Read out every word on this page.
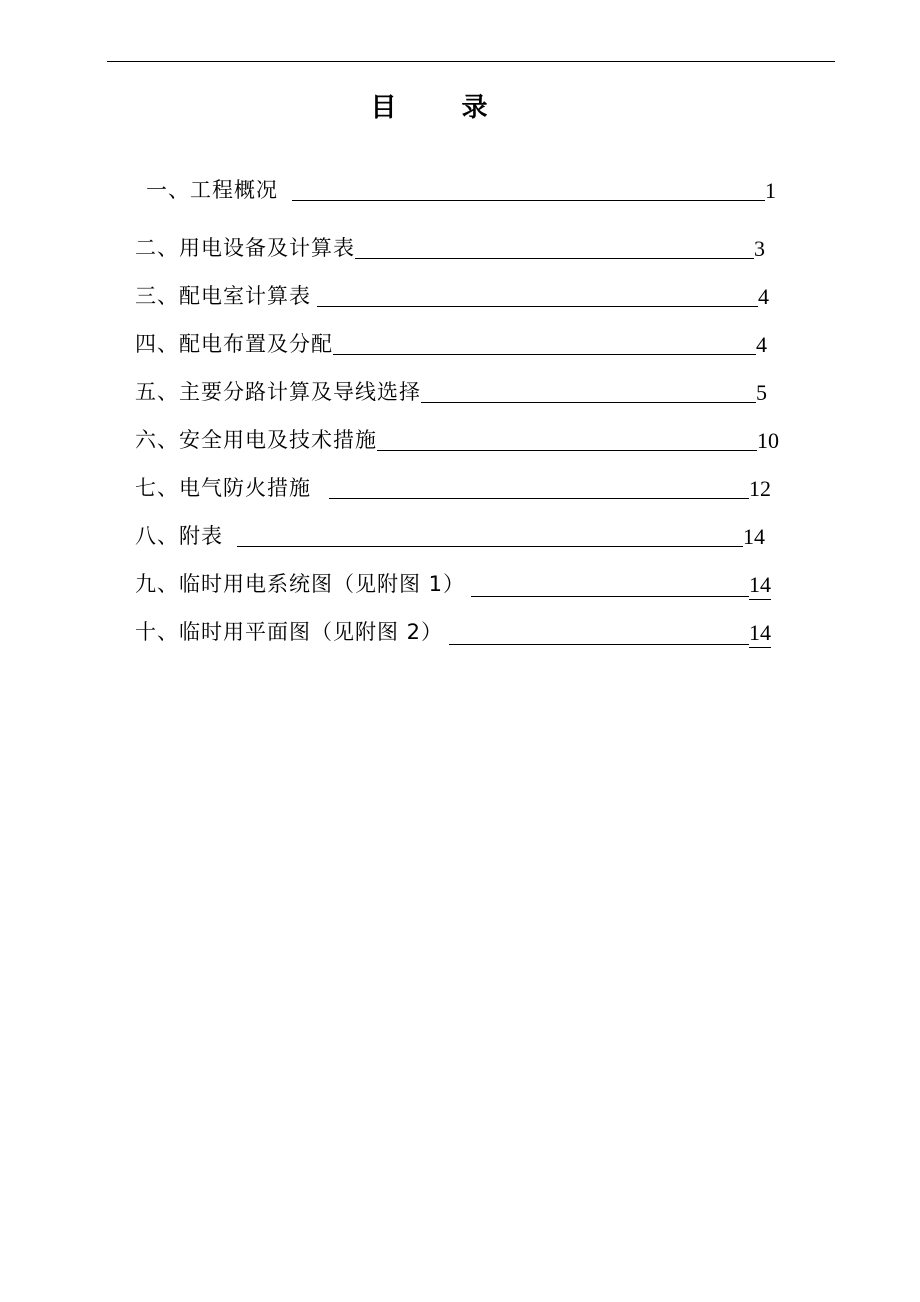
目 录
一、工程概况	1
二、用电设备及计算表	3
三、配电室计算表	4
四、配电布置及分配	4
五、主要分路计算及导线选择	5
六、安全用电及技术措施	10
七、电气防火措施	12
八、附表	14
九、临时用电系统图（见附图 1）	14
十、临时用平面图（见附图 2）	14
